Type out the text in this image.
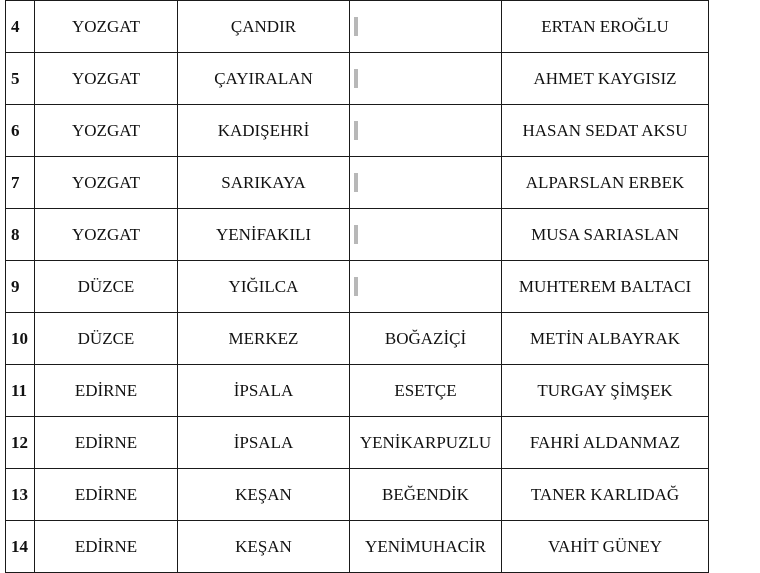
4	YOZGAT	ÇANDIR		ERTAN EROĞLU
5	YOZGAT	ÇAYIRALAN		AHMET KAYGISIZ
6	YOZGAT	KADIŞEHRİ		HASAN SEDAT AKSU
7	YOZGAT	SARIKAYA		ALPARSLAN ERBEK
8	YOZGAT	YENİFAKILI		MUSA SARIASLAN
9	DÜZCE	YIĞILCA		MUHTEREM BALTACI
10	DÜZCE	MERKEZ	BOĞAZİÇİ	METİN ALBAYRAK
11	EDİRNE	İPSALA	ESETÇE	TURGAY ŞİMŞEK
12	EDİRNE	İPSALA	YENİKARPUZLU	FAHRİ ALDANMAZ
13	EDİRNE	KEŞAN	BEĞENDİK	TANER KARLIDAĞ
14	EDİRNE	KEŞAN	YENİMUHACİR	VAHİT GÜNEY
